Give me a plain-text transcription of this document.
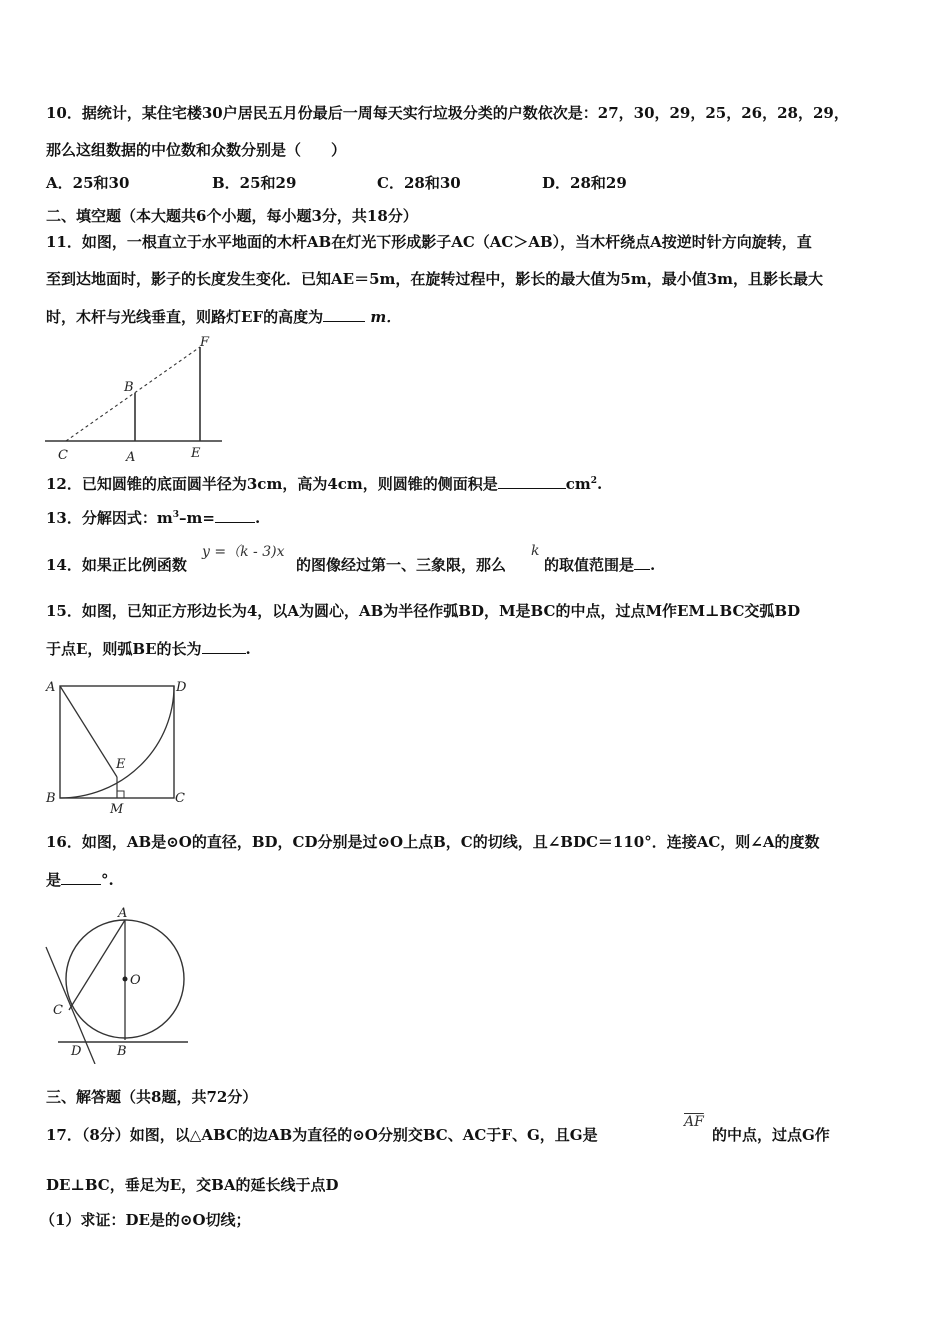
10．据统计，某住宅楼30户居民五月份最后一周每天实行垃圾分类的户数依次是：27，30，29，25，26，28，29，
那么这组数据的中位数和众数分别是（　　）
A．25和30	B．25和29	C．28和30	D．28和29
二、填空题（本大题共6个小题，每小题3分，共18分）
11．如图，一根直立于水平地面的木杆AB在灯光下形成影子AC（AC＞AB），当木杆绕点A按逆时针方向旋转，直
至到达地面时，影子的长度发生变化．已知AE＝5m，在旋转过程中，影长的最大值为5m，最小值3m，且影长最大
时，木杆与光线垂直，则路灯EF的高度为	m．
F
B
C	A	E
12．已知圆锥的底面圆半径为3cm，高为4cm，则圆锥的侧面积是	$cm^2$.
13．分解因式：$m^3-m=$	.
14．如果正比例函数
y =（k - 3)x
的图像经过第一、三象限，那么
k
的取值范围是 .
15．如图，已知正方形边长为4，以A为圆心，AB为半径作弧BD，M是BC的中点，过点M作EM⊥BC交弧BD
于点E，则弧BE的长为	.
A	D
E
B
M
C
16．如图，AB是⊙O的直径，BD，CD分别是过⊙O上点B，C的切线，且∠BDC＝110°．连接AC，则∠A的度数
是	°.
A
O
C
D	B
三、解答题（共8题，共72分）
17．（8分）如图，以△ABC的边AB为直径的⊙O分别交BC、AC于F、G，且G是
$\overline{AF}$
的中点，过点G作
DE⊥BC，垂足为E，交BA的延长线于点D
（1）求证：DE是的⊙O切线；
